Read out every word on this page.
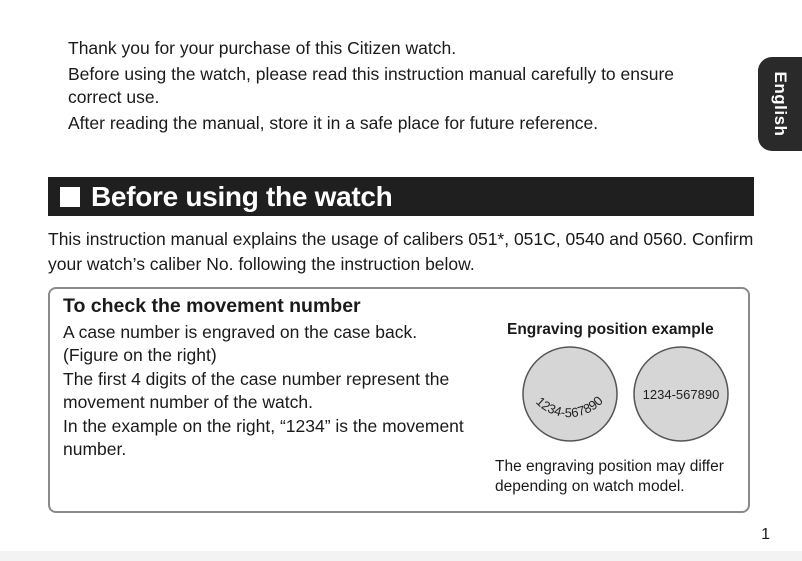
Thank you for your purchase of this Citizen watch.

Before using the watch, please read this instruction manual carefully to ensure correct use.

After reading the manual, store it in a safe place for future reference.	English
Before using the watch

This instruction manual explains the usage of calibers 051*, 051C, 0540 and 0560. Confirm your watch’s caliber No. following the instruction below.

To check the movement number

A case number is engraved on the case back. (Figure on the right)

The first 4 digits of the case number represent the movement number of the watch.

In the example on the right, “1234” is the movement number.

Engraving position example
1234-567890	1234-567890

The engraving position may differ depending on watch model.

1
